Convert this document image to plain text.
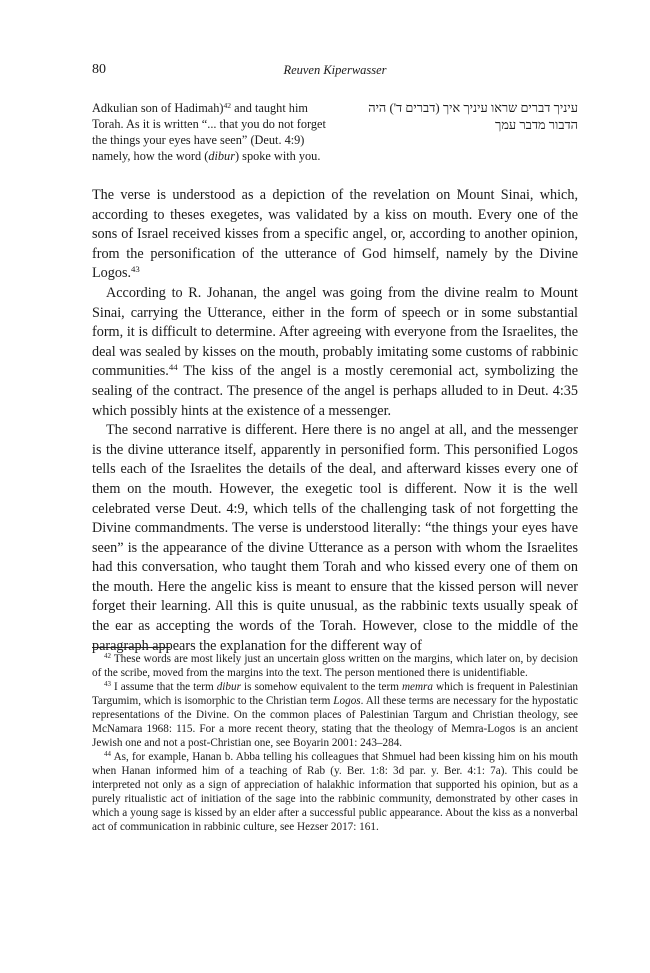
80	Reuven Kiperwasser
Adkulian son of Hadimah)$^{42}$ and taught him Torah. As it is written “... that you do not forget the things your eyes have seen” (Deut. 4:9) namely, how the word (dibur) spoke with you.
עיניך דברים שראו עיניך איך (דברים ד') היה הדבור מדבר עמך

The verse is understood as a depiction of the revelation on Mount Sinai, which, according to theses exegetes, was validated by a kiss on mouth. Every one of the sons of Israel received kisses from a specific angel, or, according to another opinion, from the personification of the utterance of God himself, namely by the Divine Logos.$^{43}$

According to R. Johanan, the angel was going from the divine realm to Mount Sinai, carrying the Utterance, either in the form of speech or in some substantial form, it is difficult to determine. After agreeing with everyone from the Israelites, the deal was sealed by kisses on the mouth, probably imitating some customs of rabbinic communities.$^{44}$ The kiss of the angel is a mostly ceremonial act, symbolizing the sealing of the contract. The presence of the angel is perhaps alluded to in Deut. 4:35 which possibly hints at the existence of a messenger.

The second narrative is different. Here there is no angel at all, and the messenger is the divine utterance itself, apparently in personified form. This personified Logos tells each of the Israelites the details of the deal, and afterward kisses every one of them on the mouth. However, the exegetic tool is different. Now it is the well celebrated verse Deut. 4:9, which tells of the challenging task of not forgetting the Divine commandments. The verse is understood literally: “the things your eyes have seen” is the appearance of the divine Utterance as a person with whom the Israelites had this conversation, who taught them Torah and who kissed every one of them on the mouth. Here the angelic kiss is meant to ensure that the kissed person will never forget their learning. All this is quite unusual, as the rabbinic texts usually speak of the ear as accepting the words of the Torah. However, close to the middle of the paragraph appears the explanation for the different way of

$^{42}$ These words are most likely just an uncertain gloss written on the margins, which later on, by decision of the scribe, moved from the margins into the text. The person mentioned there is unidentifiable.

$^{43}$ I assume that the term dibur is somehow equivalent to the term memra which is frequent in Palestinian Targumim, which is isomorphic to the Christian term Logos. All these terms are necessary for the hypostatic representations of the Divine. On the common places of Palestinian Targum and Christian theology, see McNamara 1968: 115. For a more recent theory, stating that the theology of Memra-Logos is an ancient Jewish one and not a post-Christian one, see Boyarin 2001: 243–284.

$^{44}$ As, for example, Hanan b. Abba telling his colleagues that Shmuel had been kissing him on his mouth when Hanan informed him of a teaching of Rab (y. Ber. 1:8: 3d par. y. Ber. 4:1: 7a). This could be interpreted not only as a sign of appreciation of halakhic information that supported his opinion, but as a purely ritualistic act of initiation of the sage into the rabbinic community, demonstrated by other cases in which a young sage is kissed by an elder after a successful public appearance. About the kiss as a nonverbal act of communication in rabbinic culture, see Hezser 2017: 161.
